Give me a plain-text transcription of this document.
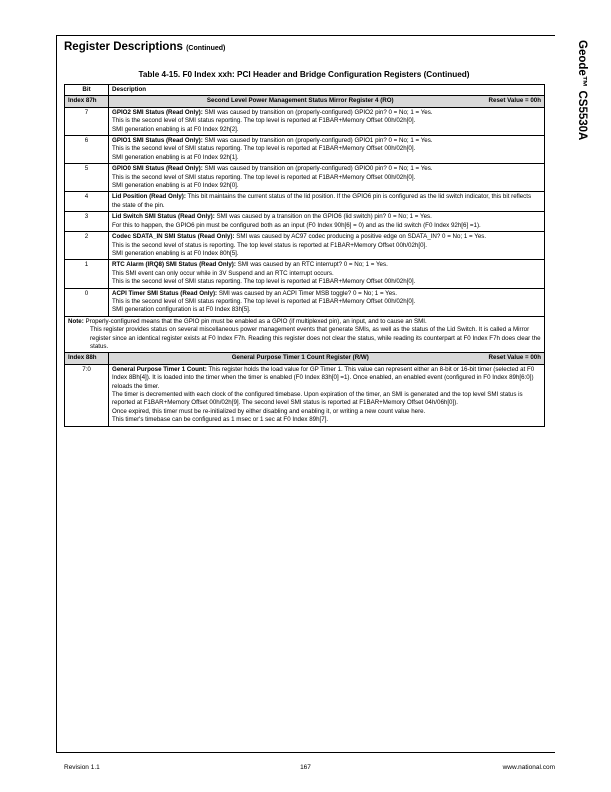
Geode™ CS5530A
Register Descriptions (Continued)
Table 4-15. F0 Index xxh: PCI Header and Bridge Configuration Registers (Continued)
Bit	Description
Index 87h	Second Level Power Management Status Mirror Register 4 (RO) Reset Value = 00h

7	GPIO2 SMI Status (Read Only): SMI was caused by transition on (properly-configured) GPIO2 pin? 0 = No; 1 = Yes.
This is the second level of SMI status reporting. The top level is reported at F1BAR+Memory Offset 00h/02h[0].
SMI generation enabling is at F0 Index 92h[2].

6	GPIO1 SMI Status (Read Only): SMI was caused by transition on (properly-configured) GPIO1 pin? 0 = No; 1 = Yes.
This is the second level of SMI status reporting. The top level is reported at F1BAR+Memory Offset 00h/02h[0].
SMI generation enabling is at F0 Index 92h[1].

5	GPIO0 SMI Status (Read Only): SMI was caused by transition on (properly-configured) GPIO0 pin? 0 = No; 1 = Yes.
This is the second level of SMI status reporting. The top level is reported at F1BAR+Memory Offset 00h/02h[0].
SMI generation enabling is at F0 Index 92h[0].

4	Lid Position (Read Only): This bit maintains the current status of the lid position. If the GPIO6 pin is configured as the lid switch indicator, this bit reflects the state of the pin.

3	Lid Switch SMI Status (Read Only): SMI was caused by a transition on the GPIO6 (lid switch) pin? 0 = No; 1 = Yes.
For this to happen, the GPIO6 pin must be configured both as an input (F0 Index 90h[6] = 0) and as the lid switch (F0 Index 92h[6] =1).

2	Codec SDATA_IN SMI Status (Read Only): SMI was caused by AC97 codec producing a positive edge on SDATA_IN? 0 = No; 1 = Yes.
This is the second level of status is reporting. The top level status is reported at F1BAR+Memory Offset 00h/02h[0].
SMI generation enabling is at F0 Index 80h[5].

1	RTC Alarm (IRQ8) SMI Status (Read Only): SMI was caused by an RTC interrupt? 0 = No; 1 = Yes.
This SMI event can only occur while in 3V Suspend and an RTC interrupt occurs.
This is the second level of SMI status reporting. The top level is reported at F1BAR+Memory Offset 00h/02h[0].

0	ACPI Timer SMI Status (Read Only): SMI was caused by an ACPI Timer MSB toggle? 0 = No; 1 = Yes.
This is the second level of SMI status reporting. The top level is reported at F1BAR+Memory Offset 00h/02h[0].
SMI generation configuration is at F0 Index 83h[5].

Note: Properly-configured means that the GPIO pin must be enabled as a GPIO (if multiplexed pin), an input, and to cause an SMI.
This register provides status on several miscellaneous power management events that generate SMIs, as well as the status of the Lid Switch. It is called a Mirror register since an identical register exists at F0 Index F7h. Reading this register does not clear the status, while reading its counterpart at F0 Index F7h does clear the status.	

Index 88h	General Purpose Timer 1 Count Register (R/W) Reset Value = 00h

7:0	General Purpose Timer 1 Count: This register holds the load value for GP Timer 1. This value can represent either an 8-bit or 16-bit timer (selected at F0 Index 8Bh[4]). It is loaded into the timer when the timer is enabled (F0 Index 83h[0] =1). Once enabled, an enabled event (configured in F0 Index 89h[6:0]) reloads the timer.
The timer is decremented with each clock of the configured timebase. Upon expiration of the timer, an SMI is generated and the top level SMI status is reported at F1BAR+Memory Offset 00h/02h[9]. The second level SMI status is reported at F1BAR+Memory Offset 04h/06h[0]).
Once expired, this timer must be re-initialized by either disabling and enabling it, or writing a new count value here.
This timer's timebase can be configured as 1 msec or 1 sec at F0 Index 89h[7].
Revision 1.1	167	www.national.com
